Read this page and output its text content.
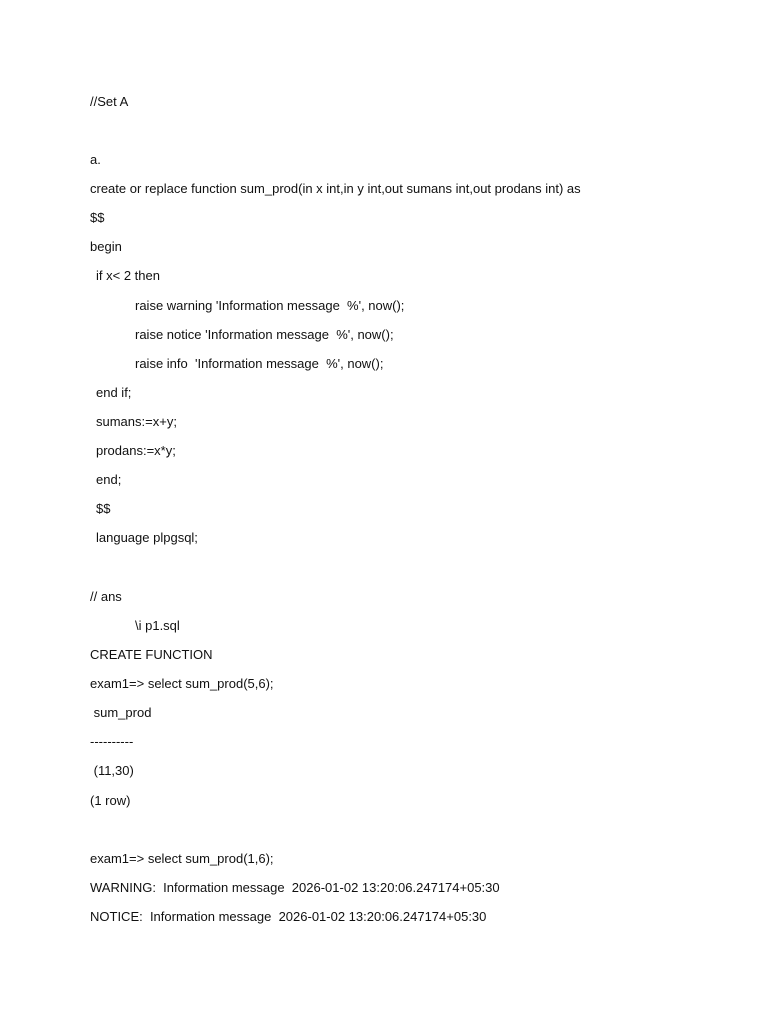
//Set A
a.
create or replace function sum_prod(in x int,in y int,out sumans int,out prodans int) as
$$
begin
if x< 2 then
raise warning 'Information message  %', now();
raise notice 'Information message  %', now();
raise info  'Information message  %', now();
end if;
sumans:=x+y;
prodans:=x*y;
end;
$$
language plpgsql;
// ans
\i p1.sql
CREATE FUNCTION
exam1=> select sum_prod(5,6);
sum_prod
----------
(11,30)
(1 row)
exam1=> select sum_prod(1,6);
WARNING:  Information message  2026-01-02 13:20:06.247174+05:30
NOTICE:  Information message  2026-01-02 13:20:06.247174+05:30
